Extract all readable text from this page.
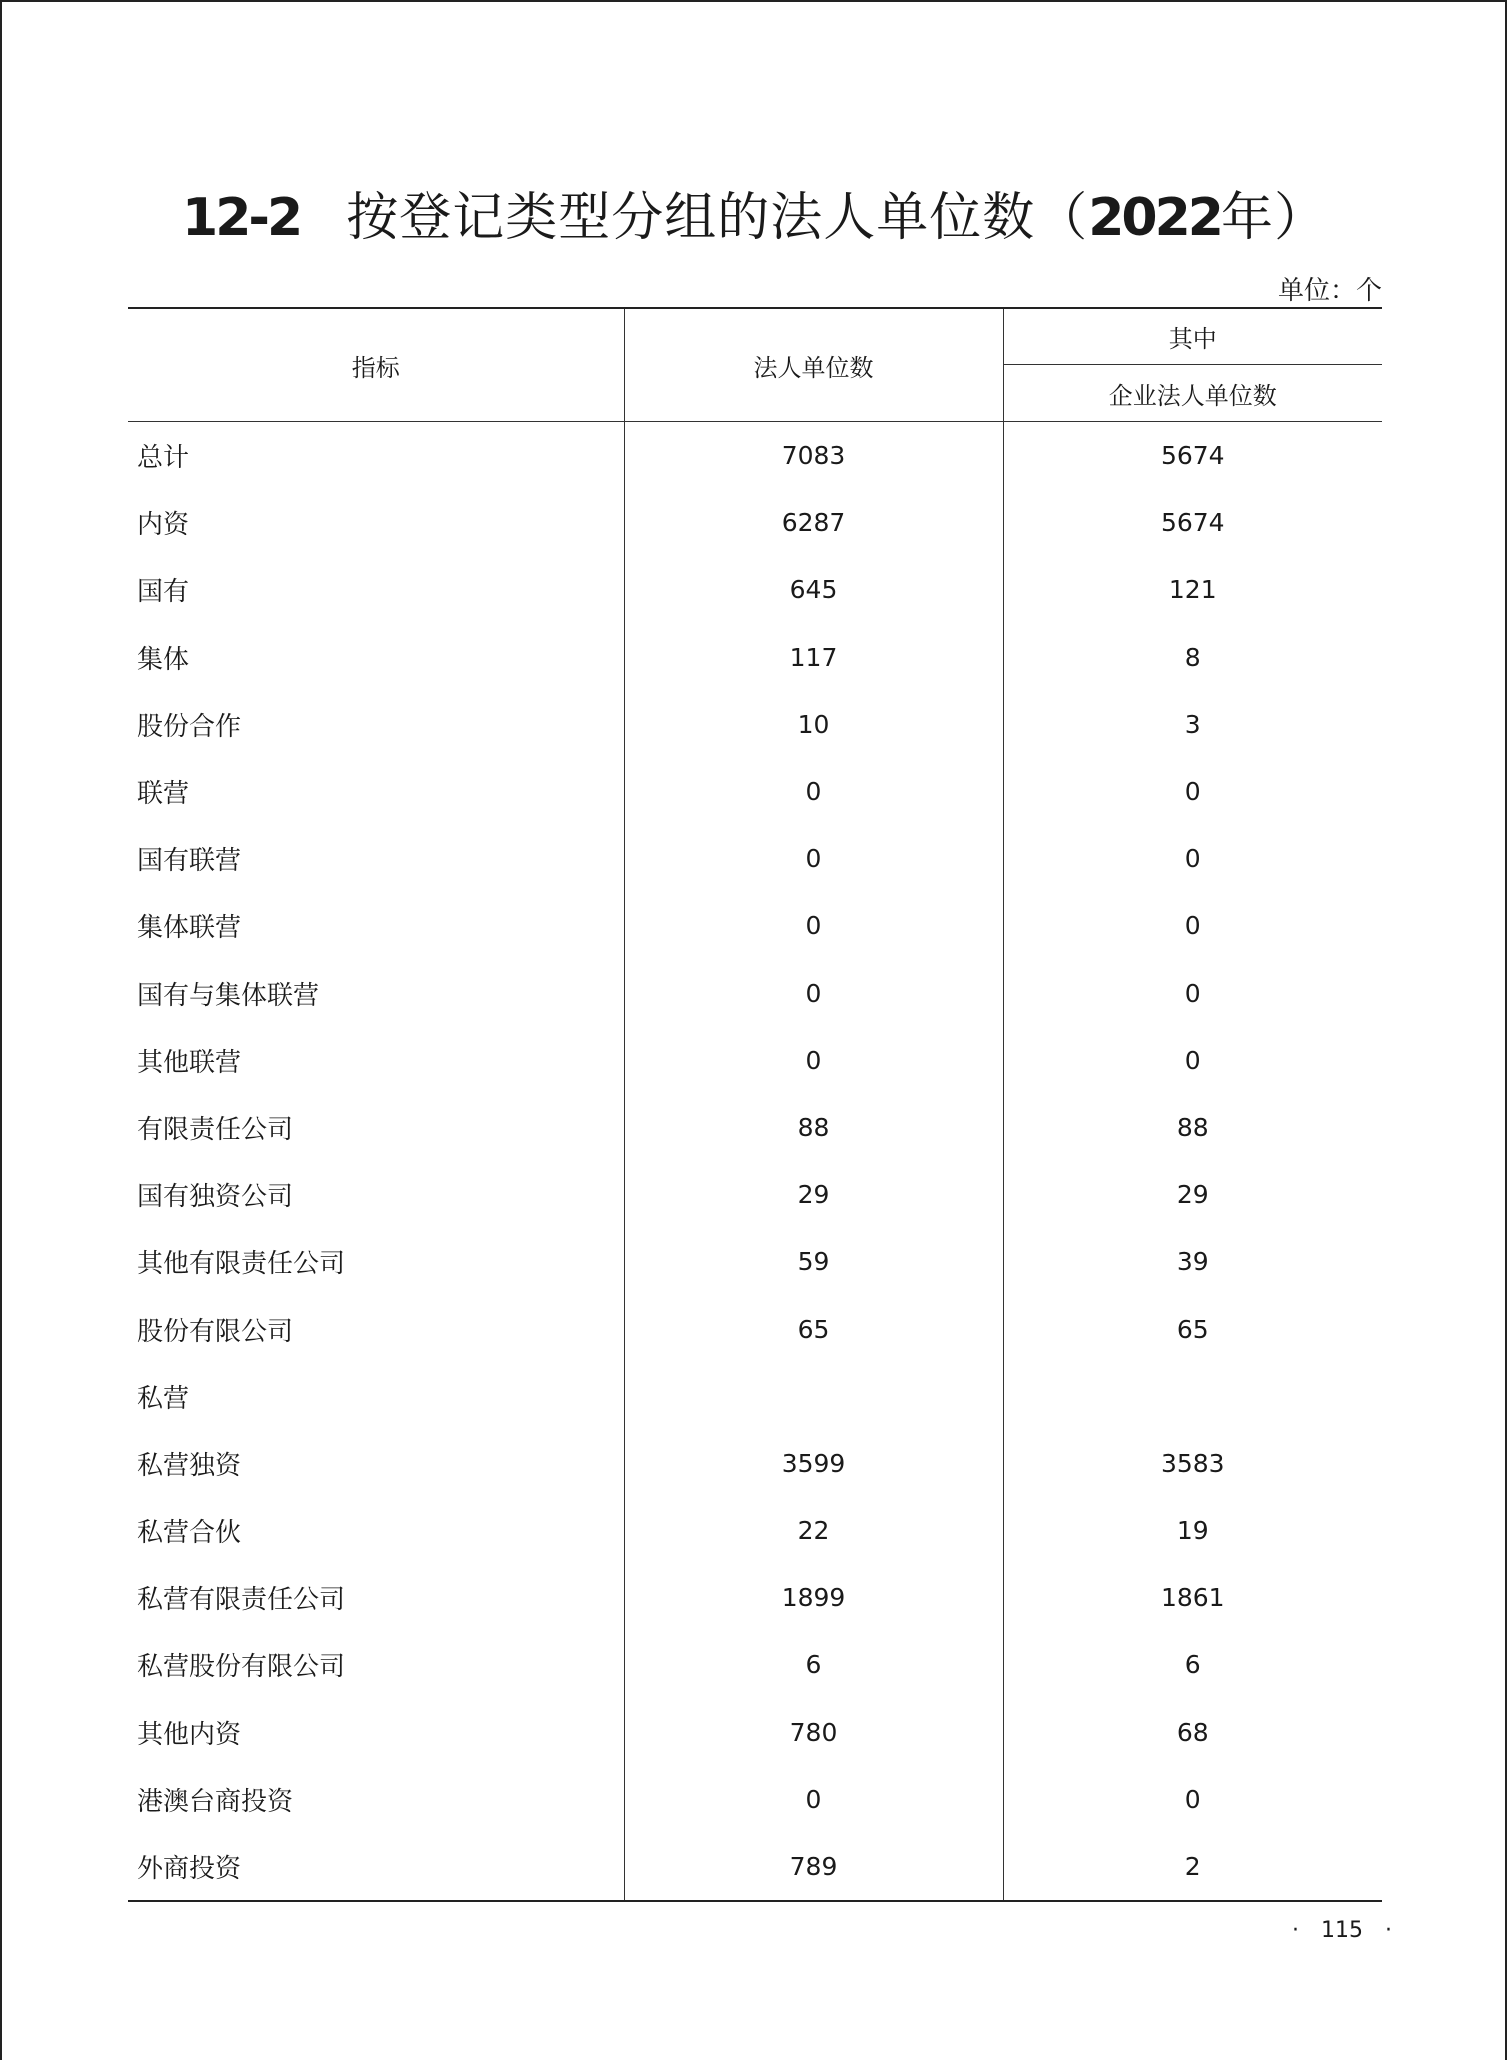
12-2 按登记类型分组的法人单位数（2022年）
单位：个
指标	法人单位数	其中
		企业法人单位数
总计	7083	5674
内资	6287	5674
国有	645	121
集体	117	8
股份合作	10	3
联营	0	0
国有联营	0	0
集体联营	0	0
国有与集体联营	0	0
其他联营	0	0
有限责任公司	88	88
国有独资公司	29	29
其他有限责任公司	59	39
股份有限公司	65	65
私营		
私营独资	3599	3583
私营合伙	22	19
私营有限责任公司	1899	1861
私营股份有限公司	6	6
其他内资	780	68
港澳台商投资	0	0
外商投资	789	2
· 115 ·
